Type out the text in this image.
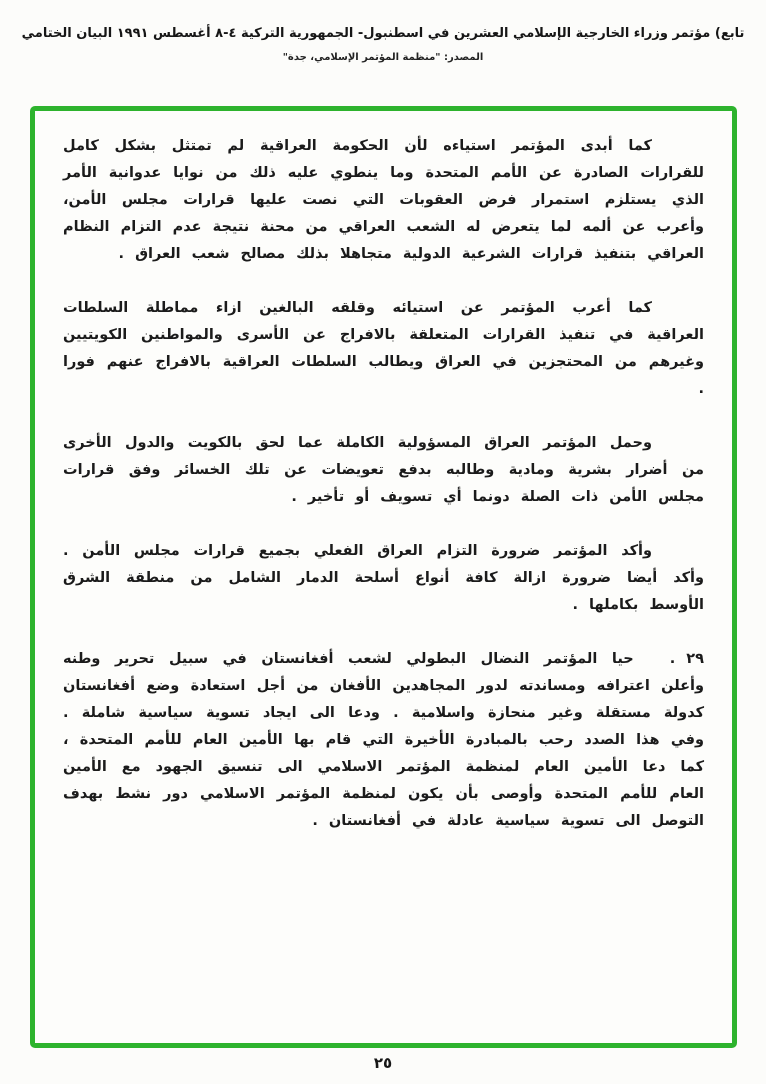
تابع) مؤتمر وزراء الخارجية الإسلامي العشرين في اسطنبول- الجمهورية التركية ٤-٨ أغسطس ١٩٩١ البيان الختامي
المصدر: "منظمة المؤتمر الإسلامي، جدة"

كما أبدى المؤتمر استياءه لأن الحكومة العراقية لم تمتثل بشكل كامل للقرارات الصادرة عن الأمم المتحدة وما ينطوي عليه ذلك من نوايا عدوانية الأمر الذي يستلزم استمرار فرض العقوبات التي نصت عليها قرارات مجلس الأمن، وأعرب عن ألمه لما يتعرض له الشعب العراقي من محنة نتيجة عدم التزام النظام العراقي بتنفيذ قرارات الشرعية الدولية متجاهلا بذلك مصالح شعب العراق .

كما أعرب المؤتمر عن استيائه وقلقه البالغين ازاء مماطلة السلطات العراقية في تنفيذ القرارات المتعلقة بالافراج عن الأسرى والمواطنين الكويتيين وغيرهم من المحتجزين في العراق ويطالب السلطات العراقية بالافراج عنهم فورا .

وحمل المؤتمر العراق المسؤولية الكاملة عما لحق بالكويت والدول الأخرى من أضرار بشرية ومادية وطالبه بدفع تعويضات عن تلك الخسائر وفق قرارات مجلس الأمن ذات الصلة دونما أي تسويف أو تأخير .

وأكد المؤتمر ضرورة التزام العراق الفعلي بجميع قرارات مجلس الأمن . وأكد أيضا ضرورة ازالة كافة أنواع أسلحة الدمار الشامل من منطقة الشرق الأوسط بكاملها .

٢٩ .حيا المؤتمر النضال البطولي لشعب أفغانستان في سبيل تحرير وطنه وأعلن اعترافه ومساندته لدور المجاهدين الأفغان من أجل استعادة وضع أفغانستان كدولة مستقلة وغير منحازة واسلامية . ودعا الى ايجاد تسوية سياسية شاملة . وفي هذا الصدد رحب بالمبادرة الأخيرة التي قام بها الأمين العام للأمم المتحدة ، كما دعا الأمين العام لمنظمة المؤتمر الاسلامي الى تنسيق الجهود مع الأمين العام للأمم المتحدة وأوصى بأن يكون لمنظمة المؤتمر الاسلامي دور نشط بهدف التوصل الى تسوية سياسية عادلة في أفغانستان .

٢٥
